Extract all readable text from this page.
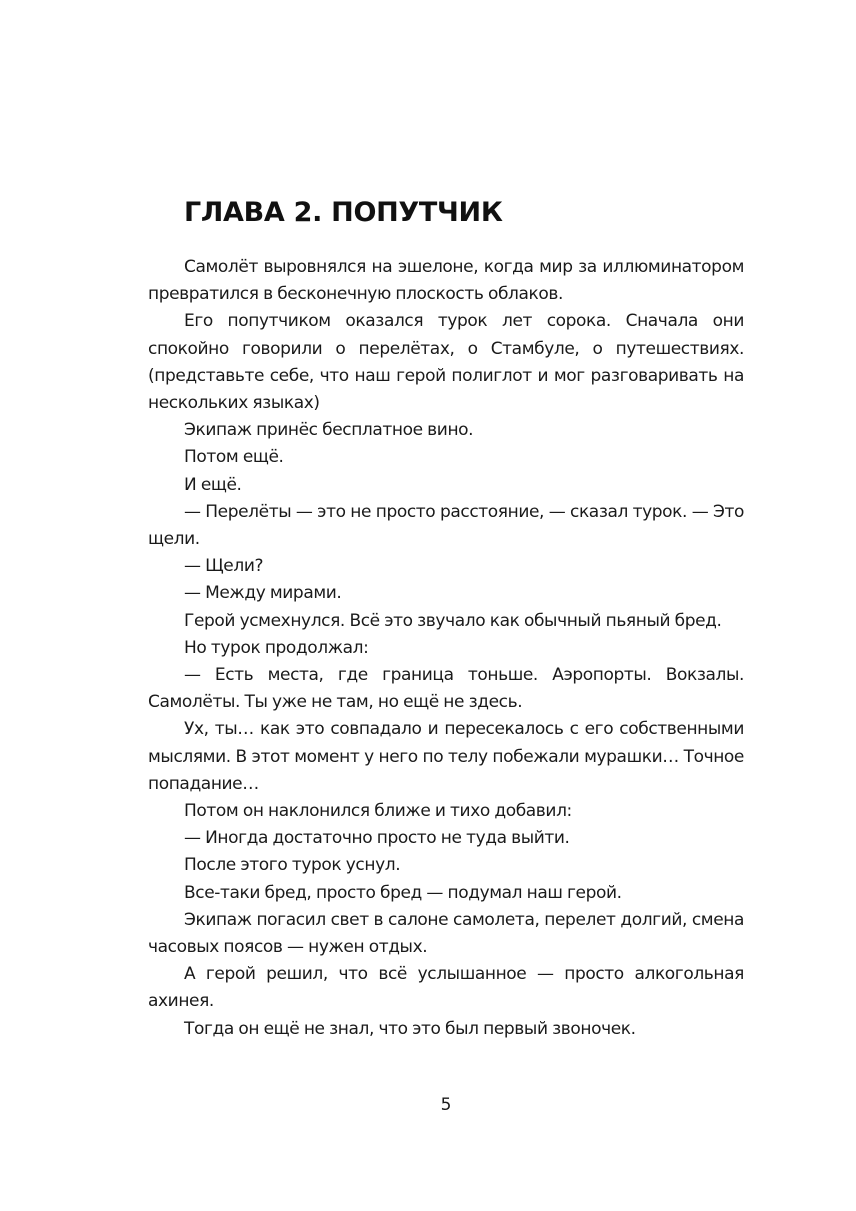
ГЛАВА 2. ПОПУТЧИК

Самолёт выровнялся на эшелоне, когда мир за иллюминатором превратился в бесконечную плоскость облаков.

Его попутчиком оказался турок лет сорока. Сначала они спокойно говорили о перелётах, о Стамбуле, о путешествиях. (представьте себе, что наш герой полиглот и мог разговаривать на нескольких языках)

Экипаж принёс бесплатное вино.

Потом ещё.

И ещё.

— Перелёты — это не просто расстояние, — сказал турок. — Это щели.

— Щели?

— Между мирами.

Герой усмехнулся. Всё это звучало как обычный пьяный бред.

Но турок продолжал:

— Есть места, где граница тоньше. Аэропорты. Вокзалы. Самолёты. Ты уже не там, но ещё не здесь.

Ух, ты… как это совпадало и пересекалось с его собственными мыслями. В этот момент у него по телу побежали мурашки… Точное попадание…

Потом он наклонился ближе и тихо добавил:

— Иногда достаточно просто не туда выйти.

После этого турок уснул.

Все-таки бред, просто бред — подумал наш герой.

Экипаж погасил свет в салоне самолета, перелет долгий, смена часовых поясов — нужен отдых.

А герой решил, что всё услышанное — просто алкогольная ахинея.

Тогда он ещё не знал, что это был первый звоночек.

5
